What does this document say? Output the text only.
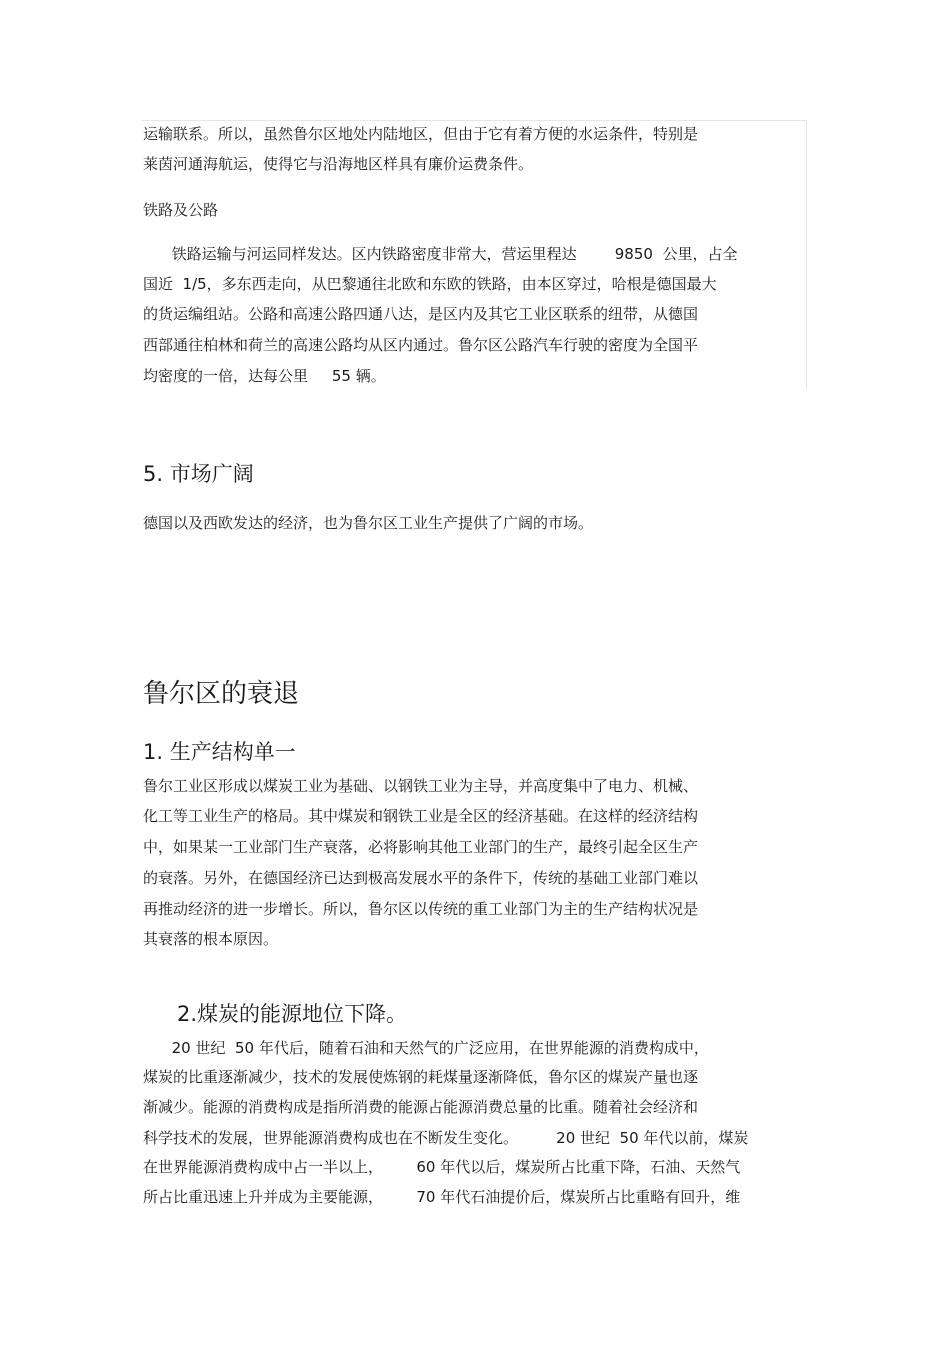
运输联系。所以，虽然鲁尔区地处内陆地区，但由于它有着方便的水运条件，特别是
莱茵河通海航运，使得它与沿海地区样具有廉价运费条件。
铁路及公路
铁路运输与河运同样发达。区内铁路密度非常大，营运里程达        9850  公里，占全
国近  1/5，多东西走向，从巴黎通往北欧和东欧的铁路，由本区穿过，哈根是德国最大
的货运编组站。公路和高速公路四通八达，是区内及其它工业区联系的纽带，从德国
西部通往柏林和荷兰的高速公路均从区内通过。鲁尔区公路汽车行驶的密度为全国平
均密度的一倍，达每公里     55 辆。
5. 市场广阔
德国以及西欧发达的经济，也为鲁尔区工业生产提供了广阔的市场。
鲁尔区的衰退
1. 生产结构单一
鲁尔工业区形成以煤炭工业为基础、以钢铁工业为主导，并高度集中了电力、机械、
化工等工业生产的格局。其中煤炭和钢铁工业是全区的经济基础。在这样的经济结构
中，如果某一工业部门生产衰落，必将影响其他工业部门的生产，最终引起全区生产
的衰落。另外，在德国经济已达到极高发展水平的条件下，传统的基础工业部门难以
再推动经济的进一步增长。所以，鲁尔区以传统的重工业部门为主的生产结构状况是
其衰落的根本原因。
2.煤炭的能源地位下降。
20 世纪  50 年代后，随着石油和天然气的广泛应用，在世界能源的消费构成中，
煤炭的比重逐渐减少，技术的发展使炼钢的耗煤量逐渐降低，鲁尔区的煤炭产量也逐
渐减少。能源的消费构成是指所消费的能源占能源消费总量的比重。随着社会经济和
科学技术的发展，世界能源消费构成也在不断发生变化。        20 世纪  50 年代以前，煤炭
在世界能源消费构成中占一半以上，       60 年代以后，煤炭所占比重下降，石油、天然气
所占比重迅速上升并成为主要能源，       70 年代石油提价后，煤炭所占比重略有回升，维
